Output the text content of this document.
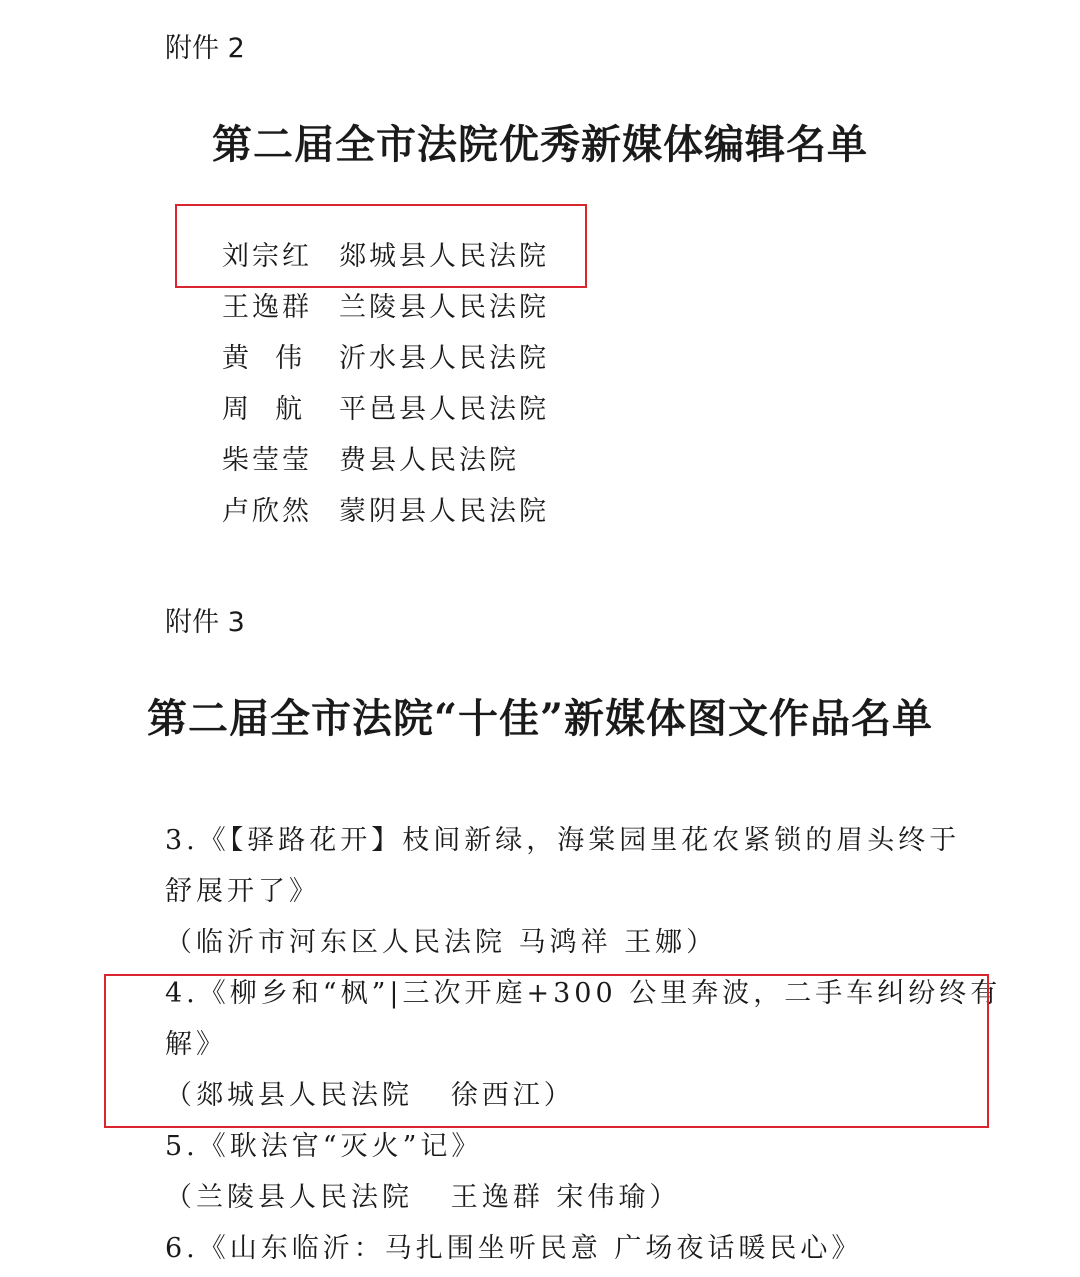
附件 2
第二届全市法院优秀新媒体编辑名单
刘宗红	郯城县人民法院
王逸群	兰陵县人民法院
黄  伟	沂水县人民法院
周  航	平邑县人民法院
柴莹莹	费县人民法院
卢欣然	蒙阴县人民法院
附件 3
第二届全市法院“十佳”新媒体图文作品名单
3.《【驿路花开】枝间新绿，海棠园里花农紧锁的眉头终于
舒展开了》
（临沂市河东区人民法院 马鸿祥 王娜）
4.《柳乡和“枫”|三次开庭+300 公里奔波，二手车纠纷终有
解》
（郯城县人民法院   徐西江）
5.《耿法官“灭火”记》
（兰陵县人民法院   王逸群 宋伟瑜）
6.《山东临沂：马扎围坐听民意 广场夜话暖民心》
